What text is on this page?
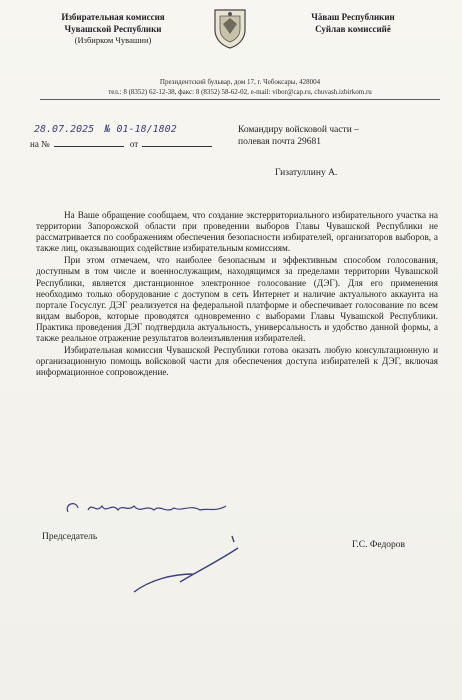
Избирательная комиссия
Чувашской Республики
(Избирком Чувашии)
Чăваш Республикин
Суйлав комиссийĕ
Президентский бульвар, дом 17, г. Чебоксары, 428004
тел.: 8 (8352) 62-12-38, факс: 8 (8352) 58-62-02, e-mail: vibor@cap.ru, chuvash.izbirkom.ru
28.07.2025 № 01-18/1802
на №	от
Командиру войсковой части –
полевая почта 29681
Гизатуллину А.

На Ваше обращение сообщаем, что создание экстерриториального избирательного участка на территории Запорожской области при проведении выборов Главы Чувашской Республики не рассматривается по соображениям обеспечения безопасности избирателей, организаторов выборов, а также лиц, оказывающих содействие избирательным комиссиям.

При этом отмечаем, что наиболее безопасным и эффективным способом голосования, доступным в том числе и военнослужащим, находящимся за пределами территории Чувашской Республики, является дистанционное электронное голосование (ДЭГ). Для его применения необходимо только оборудование с доступом в сеть Интернет и наличие актуального аккаунта на портале Госуслуг. ДЭГ реализуется на федеральной платформе и обеспечивает голосование по всем видам выборов, которые проводятся одновременно с выборами Главы Чувашской Республики. Практика проведения ДЭГ подтвердила актуальность, универсальность и удобство данной формы, а также реальное отражение результатов волеизъявления избирателей.

Избирательная комиссия Чувашской Республики готова оказать любую консультационную и организационную помощь войсковой части для обеспечения доступа избирателей к ДЭГ, включая информационное сопровождение.

Председатель
Г.С. Федоров
